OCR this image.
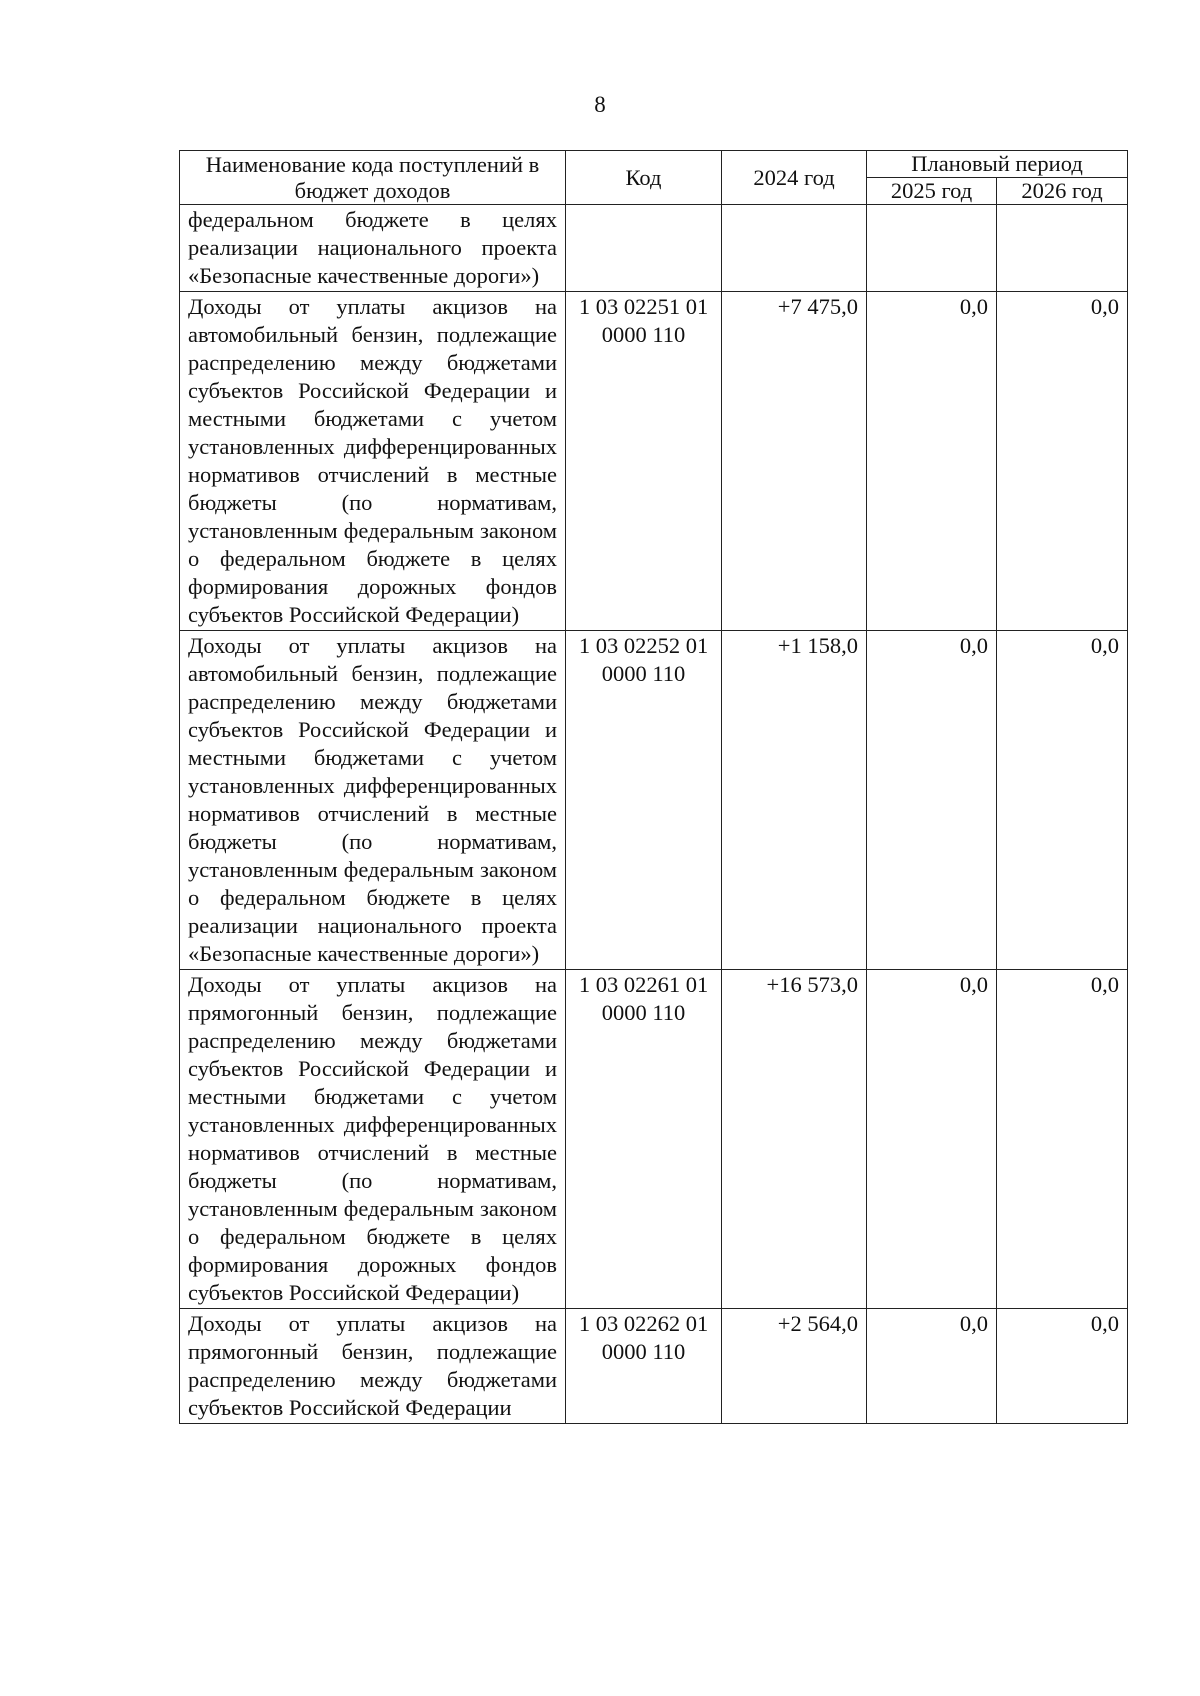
8
Наименование кода поступлений в бюджет доходов	Код	2024 год	Плановый период	
			2025 год	2026 год
федеральном бюджете в целях реализации национального проекта «Безопасные качественные дороги»)				
Доходы от уплаты акцизов на автомобильный бензин, подлежащие распределению между бюджетами субъектов Российской Федерации и местными бюджетами с учетом установленных дифференцированных нормативов отчислений в местные бюджеты (по нормативам, установленным федеральным законом о федеральном бюджете в целях формирования дорожных фондов субъектов Российской Федерации)	1 03 02251 01 0000 110	+7 475,0	0,0	0,0
Доходы от уплаты акцизов на автомобильный бензин, подлежащие распределению между бюджетами субъектов Российской Федерации и местными бюджетами с учетом установленных дифференцированных нормативов отчислений в местные бюджеты (по нормативам, установленным федеральным законом о федеральном бюджете в целях реализации национального проекта «Безопасные качественные дороги»)	1 03 02252 01 0000 110	+1 158,0	0,0	0,0
Доходы от уплаты акцизов на прямогонный бензин, подлежащие распределению между бюджетами субъектов Российской Федерации и местными бюджетами с учетом установленных дифференцированных нормативов отчислений в местные бюджеты (по нормативам, установленным федеральным законом о федеральном бюджете в целях формирования дорожных фондов субъектов Российской Федерации)	1 03 02261 01 0000 110	+16 573,0	0,0	0,0
Доходы от уплаты акцизов на прямогонный бензин, подлежащие распределению между бюджетами субъектов Российской Федерации	1 03 02262 01 0000 110	+2 564,0	0,0	0,0
